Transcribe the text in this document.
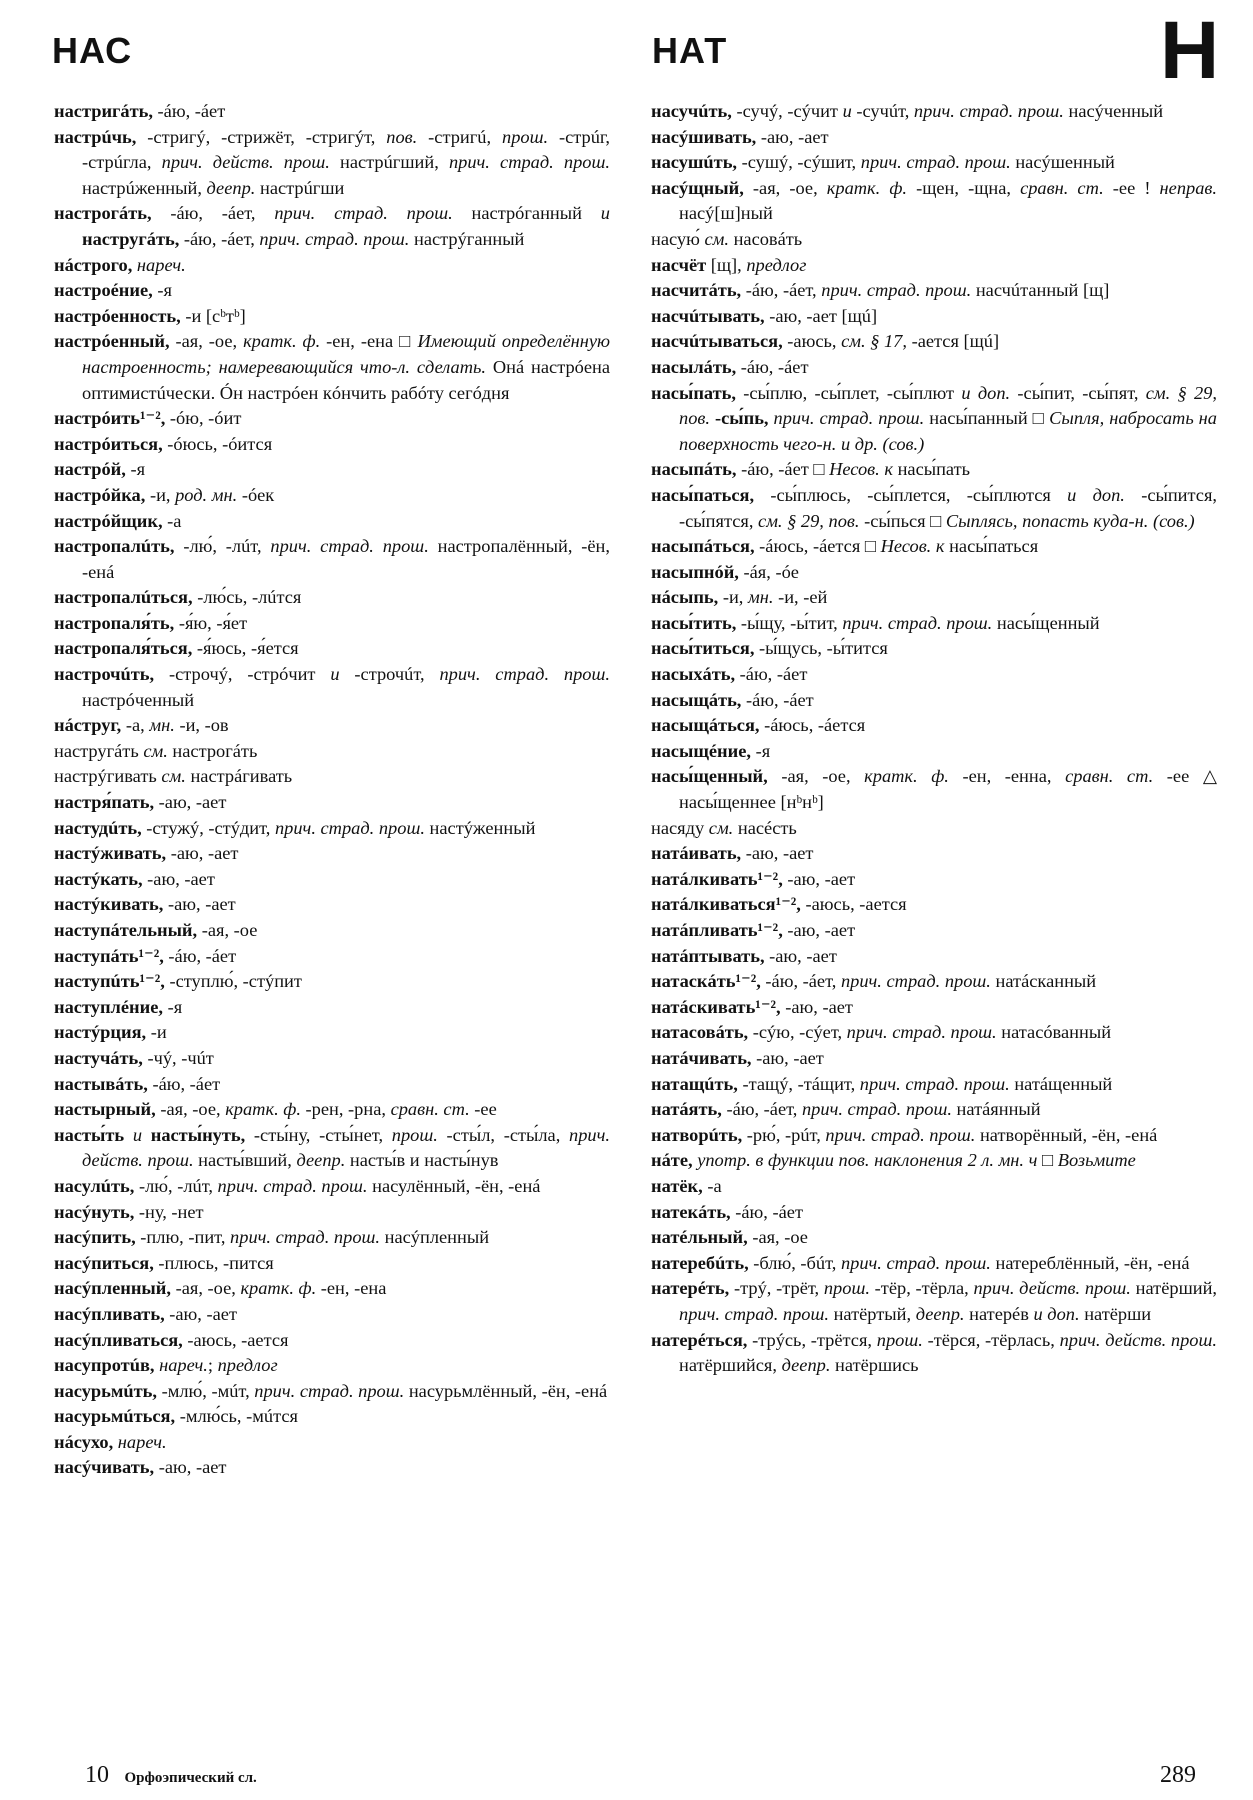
НАС	НАТ	Н
настригáть, -áю, -áет
настрúчь, -стригý, -стрижёт, -стригýт, пов. -стригú, прош. -стрúг, -стрúгла, прич. действ. прош. настрúгший, прич. страд. прош. настрúженный, деепр. настрúгши
настрогáть, -áю, -áет, прич. страд. прош. настрóганный и настругáть, -áю, -áет, прич. страд. прош. настрýганный
нáстрого, нареч.
настроéние, -я
настрóенность, -и [сᵇтᵇ]
настрóенный, -ая, -ое, кратк. ф. -ен, -ена □ Имеющий определённую настроенность; намеревающийся что-л. сделать. Онá настрóена оптимистúчески. Óн настрóен кóнчить рабóту сегóдня
настрóить¹⁻², -óю, -óит
настрóиться, -óюсь, -óится
настрóй, -я
настрóйка, -и, род. мн. -óек
настрóйщик, -а
настропалúть, -лю́, -лúт, прич. страд. прош. настропалённый, -ён, -енá
настропалúться, -лю́сь, -лúтся
настропаля́ть, -я́ю, -я́ет
настропаля́ться, -я́юсь, -я́ется
настрочúть, -строчý, -стрóчит и -строчúт, прич. страд. прош. настрóченный
нáструг, -а, мн. -и, -ов
настругáть см. настрогáть
настрýгивать см. настрáгивать
настря́пать, -аю, -ает
настудúть, -стужý, -стýдит, прич. страд. прош. настýженный
настýживать, -аю, -ает
настýкать, -аю, -ает
настýкивать, -аю, -ает
наступáтельный, -ая, -ое
наступáть¹⁻², -áю, -áет
наступúть¹⁻², -ступлю́, -стýпит
наступлéние, -я
настýрция, -и
настучáть, -чý, -чúт
настывáть, -áю, -áет
настырный, -ая, -ое, кратк. ф. -рен, -рна, сравн. ст. -ее
насты́ть и насты́нуть, -сты́ну, -сты́нет, прош. -сты́л, -сты́ла, прич. действ. прош. насты́вший, деепр. насты́в и насты́нув
насулúть, -лю́, -лúт, прич. страд. прош. насулённый, -ён, -енá
насýнуть, -ну, -нет
насýпить, -плю, -пит, прич. страд. прош. насýпленный
насýпиться, -плюсь, -пится
насýпленный, -ая, -ое, кратк. ф. -ен, -ена
насýпливать, -аю, -ает
насýпливаться, -аюсь, -ается
насупротúв, нареч.; предлог
насурьмúть, -млю́, -мúт, прич. страд. прош. насурьмлённый, -ён, -енá
насурьмúться, -млю́сь, -мúтся
нáсухо, нареч.
насýчивать, -аю, -ает
насучúть, -сучý, -сýчит и -сучúт, прич. страд. прош. насýченный
насýшивать, -аю, -ает
насушúть, -сушý, -сýшит, прич. страд. прош. насýшенный
насýщный, -ая, -ое, кратк. ф. -щен, -щна, сравн. ст. -ее ! неправ. насý[ш]ный
насую́ см. насовáть
насчёт [щ], предлог
насчитáть, -áю, -áет, прич. страд. прош. насчúтанный [щ]
насчúтывать, -аю, -ает [щú]
насчúтываться, -аюсь, см. § 17, -ается [щú]
насылáть, -áю, -áет
насы́пать, -сы́плю, -сы́плет, -сы́плют и доп. -сы́пит, -сы́пят, см. § 29, пов. -сы́пь, прич. страд. прош. насы́панный □ Сыпля, набросать на поверхность чего-н. и др. (сов.)
насыпáть, -áю, -áет □ Несов. к насы́пать
насы́паться, -сы́плюсь, -сы́плется, -сы́плются и доп. -сы́пится, -сы́пятся, см. § 29, пов. -сы́пься □ Сыплясь, попасть куда-н. (сов.)
насыпáться, -áюсь, -áется □ Несов. к насы́паться
насыпнóй, -áя, -óе
нáсыпь, -и, мн. -и, -ей
насы́тить, -ы́щу, -ы́тит, прич. страд. прош. насы́щенный
насы́титься, -ы́щусь, -ы́тится
насыхáть, -áю, -áет
насыщáть, -áю, -áет
насыщáться, -áюсь, -áется
насыщéние, -я
насы́щенный, -ая, -ое, кратк. ф. -ен, -енна, сравн. ст. -ее △ насы́щеннее [нᵇнᵇ]
насяду см. насéсть
натáивать, -аю, -ает
натáлкивать¹⁻², -аю, -ает
натáлкиваться¹⁻², -аюсь, -ается
натáпливать¹⁻², -аю, -ает
натáптывать, -аю, -ает
натаскáть¹⁻², -áю, -áет, прич. страд. прош. натáсканный
натáскивать¹⁻², -аю, -ает
натасовáть, -сýю, -сýет, прич. страд. прош. натасóванный
натáчивать, -аю, -ает
натащúть, -тащý, -тáщит, прич. страд. прош. натáщенный
натáять, -áю, -áет, прич. страд. прош. натáянный
натворúть, -рю́, -рúт, прич. страд. прош. натворённый, -ён, -енá
нáте, употр. в функции пов. наклонения 2 л. мн. ч □ Возьмите
натёк, -а
натекáть, -áю, -áет
натéльный, -ая, -ое
натеребúть, -блю́, -бúт, прич. страд. прош. натереблённый, -ён, -енá
натерéть, -трý, -трёт, прош. -тёр, -тёрла, прич. действ. прош. натёрший, прич. страд. прош. натёртый, деепр. натерéв и доп. натёрши
натерéться, -трýсь, -трётся, прош. -тёрся, -тёрлась, прич. действ. прош. натёршийся, деепр. натёршись
10 Орфоэпический сл.	289
